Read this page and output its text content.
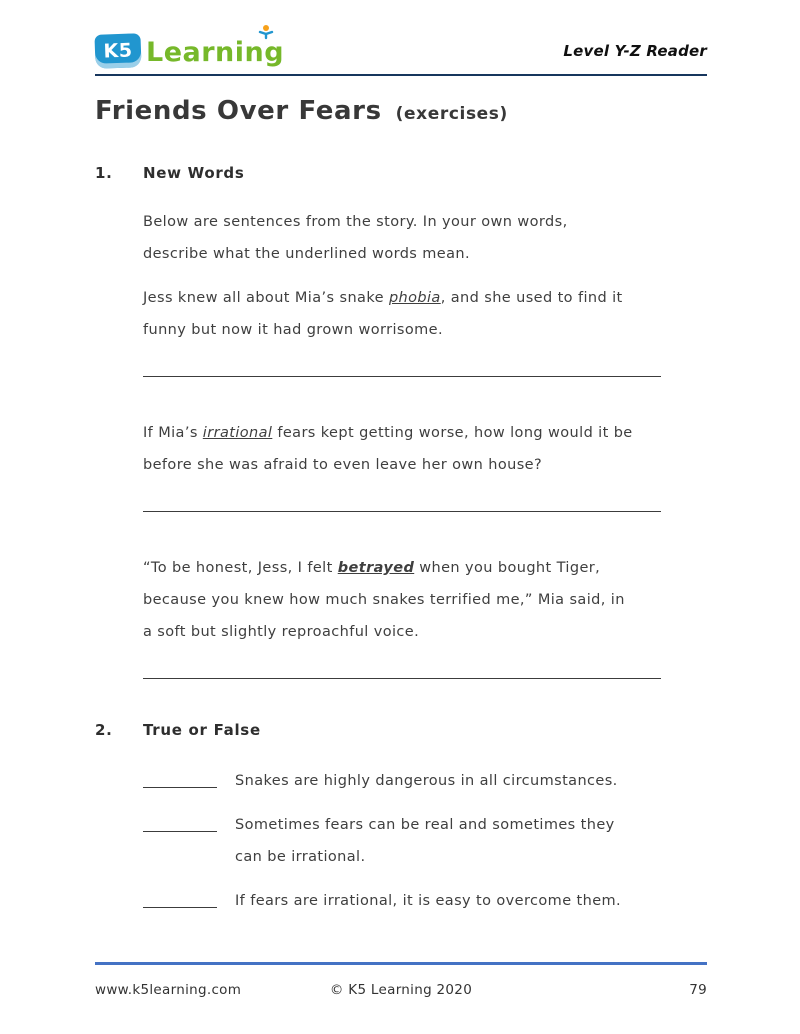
K5 Learning	Level Y-Z Reader
Friends Over Fears (exercises)
1.	New Words
Below are sentences from the story. In your own words,
describe what the underlined words mean.
Jess knew all about Mia’s snake phobia, and she used to find it
funny but now it had grown worrisome.
If Mia’s irrational fears kept getting worse, how long would it be
before she was afraid to even leave her own house?
“To be honest, Jess, I felt betrayed when you bought Tiger,
because you knew how much snakes terrified me,” Mia said, in
a soft but slightly reproachful voice.
2.	True or False
Snakes are highly dangerous in all circumstances.
Sometimes fears can be real and sometimes they
can be irrational.
If fears are irrational, it is easy to overcome them.
www.k5learning.com	© K5 Learning 2020	79
